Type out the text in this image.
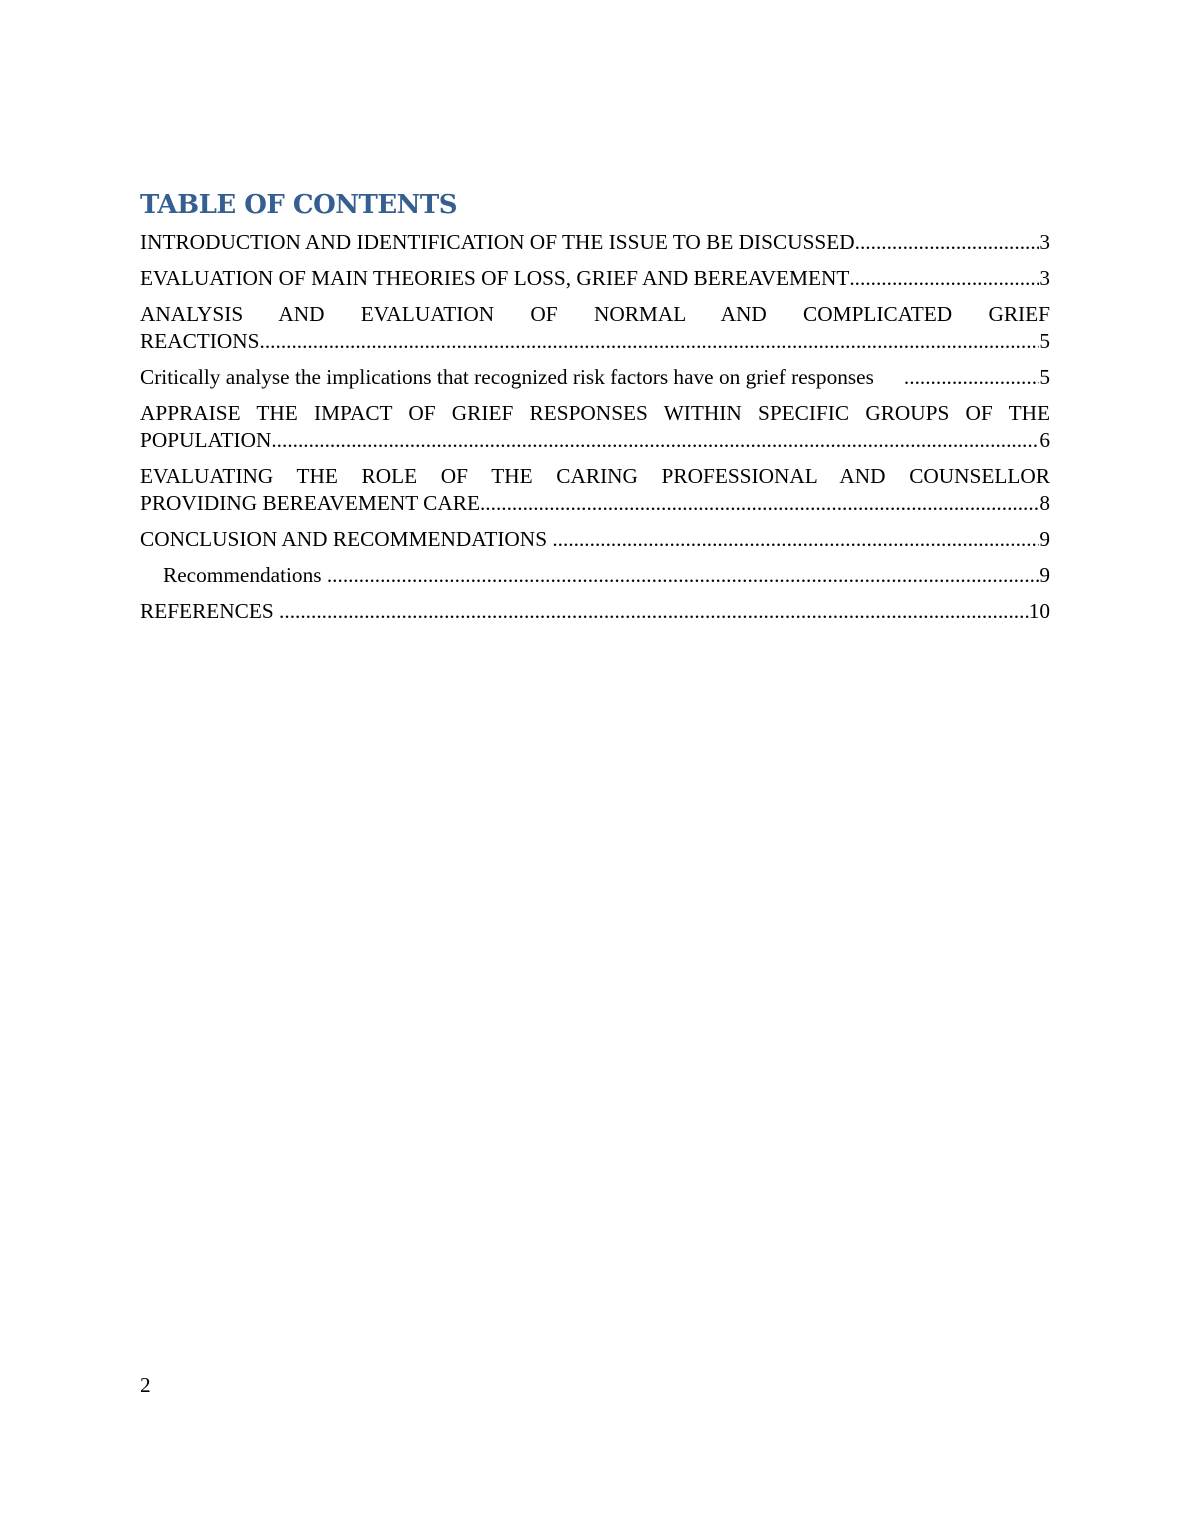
TABLE OF CONTENTS
INTRODUCTION AND IDENTIFICATION OF THE ISSUE TO BE DISCUSSED .....	3
EVALUATION OF MAIN THEORIES OF LOSS, GRIEF AND BEREAVEMENT .....	3
ANALYSIS AND EVALUATION OF NORMAL AND COMPLICATED GRIEF
REACTIONS .....	5
Critically analyse the implications that recognized risk factors have on grief responses .....	5
APPRAISE THE IMPACT OF GRIEF RESPONSES WITHIN SPECIFIC GROUPS OF THE
POPULATION .....	6
EVALUATING THE ROLE OF THE CARING PROFESSIONAL AND COUNSELLOR
PROVIDING BEREAVEMENT CARE .....	8
CONCLUSION AND RECOMMENDATIONS .....	9
Recommendations .....	9
REFERENCES .....	10
2
